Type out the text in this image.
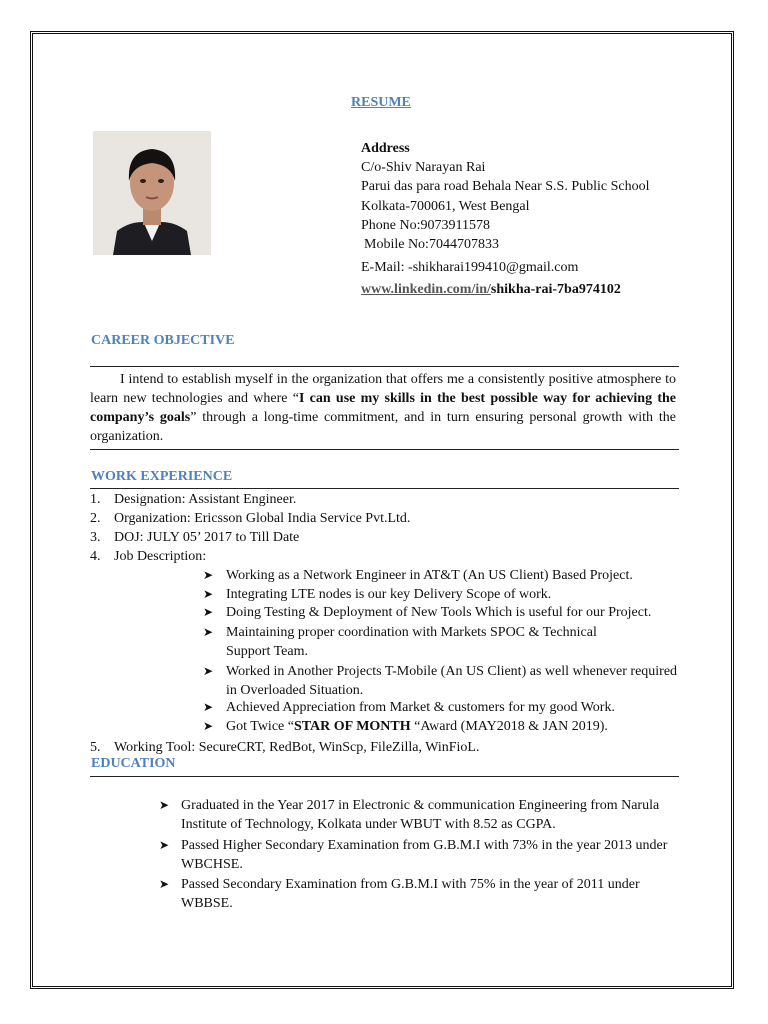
RESUME
Address
C/o-Shiv Narayan Rai
Parui das para road Behala Near S.S. Public School
Kolkata-700061, West Bengal
Phone No:9073911578
Mobile No:7044707833
E-Mail: -shikharai199410@gmail.com
www.linkedin.com/in/shikha-rai-7ba974102
CAREER OBJECTIVE
I intend to establish myself in the organization that offers me a consistently positive atmosphere to learn new technologies and where “I can use my skills in the best possible way for achieving the company’s goals” through a long-time commitment, and in turn ensuring personal growth with the organization.
WORK EXPERIENCE
1. Designation: Assistant Engineer.
2. Organization: Ericsson Global India Service Pvt.Ltd.
3. DOJ: JULY 05’ 2017 to Till Date
4. Job Description:
➤ Working as a Network Engineer in AT&T (An US Client) Based Project.
➤ Integrating LTE nodes is our key Delivery Scope of work.
➤ Doing Testing & Deployment of New Tools Which is useful for our Project.
➤ Maintaining proper coordination with Markets SPOC & Technical Support Team.
➤ Worked in Another Projects T-Mobile (An US Client) as well whenever required in Overloaded Situation.
➤ Achieved Appreciation from Market & customers for my good Work.
➤ Got Twice “STAR OF MONTH “Award (MAY2018 & JAN 2019).
5. Working Tool: SecureCRT, RedBot, WinScp, FileZilla, WinFioL.
EDUCATION
➤ Graduated in the Year 2017 in Electronic & communication Engineering from Narula Institute of Technology, Kolkata under WBUT with 8.52 as CGPA.
➤ Passed Higher Secondary Examination from G.B.M.I with 73% in the year 2013 under WBCHSE.
➤ Passed Secondary Examination from G.B.M.I with 75% in the year of 2011 under WBBSE.
